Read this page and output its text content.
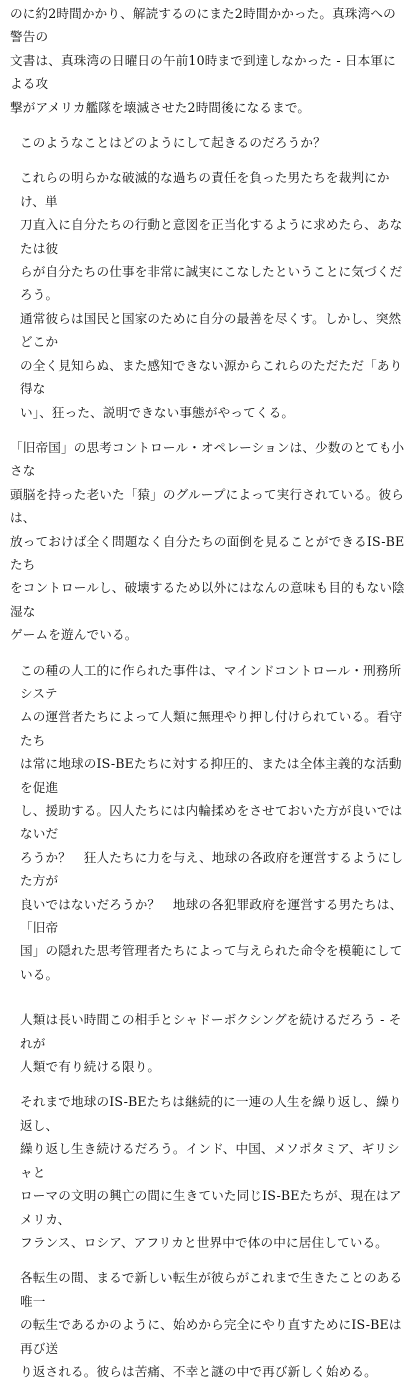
のに約2時間かかり、解読するのにまた2時間かかった。真珠湾への警告の
文書は、真珠湾の日曜日の午前10時まで到達しなかった - 日本軍による攻
撃がアメリカ艦隊を壊滅させた2時間後になるまで。

このようなことはどのようにして起きるのだろうか？

これらの明らかな破滅的な過ちの責任を負った男たちを裁判にかけ、単
刀直入に自分たちの行動と意図を正当化するように求めたら、あなたは彼
らが自分たちの仕事を非常に誠実にこなしたということに気づくだろう。
通常彼らは国民と国家のために自分の最善を尽くす。しかし、突然どこか
の全く見知らぬ、また感知できない源からこれらのただただ「あり得な
い」、狂った、説明できない事態がやってくる。

「旧帝国」の思考コントロール・オペレーションは、少数のとても小さな
頭脳を持った老いた「猿」のグループによって実行されている。彼らは、
放っておけば全く問題なく自分たちの面倒を見ることができるIS-BEたち
をコントロールし、破壊するため以外にはなんの意味も目的もない陰湿な
ゲームを遊んでいる。

この種の人工的に作られた事件は、マインドコントロール・刑務所システ
ムの運営者たちによって人類に無理やり押し付けられている。看守たち
は常に地球のIS-BEたちに対する抑圧的、または全体主義的な活動を促進
し、援助する。囚人たちには内輪揉めをさせておいた方が良いではないだ
ろうか？　狂人たちに力を与え、地球の各政府を運営するようにした方が
良いではないだろうか？　地球の各犯罪政府を運営する男たちは、「旧帝
国」の隠れた思考管理者たちによって与えられた命令を模範にしている。

人類は長い時間この相手とシャドーボクシングを続けるだろう - それが
人類で有り続ける限り。

それまで地球のIS-BEたちは継続的に一連の人生を繰り返し、繰り返し、
繰り返し生き続けるだろう。インド、中国、メソポタミア、ギリシャと
ローマの文明の興亡の間に生きていた同じIS-BEたちが、現在はアメリカ、
フランス、ロシア、アフリカと世界中で体の中に居住している。

各転生の間、まるで新しい転生が彼らがこれまで生きたことのある唯一
の転生であるかのように、始めから完全にやり直すためにIS-BEは再び送
り返される。彼らは苦痛、不幸と謎の中で再び新しく始める。
